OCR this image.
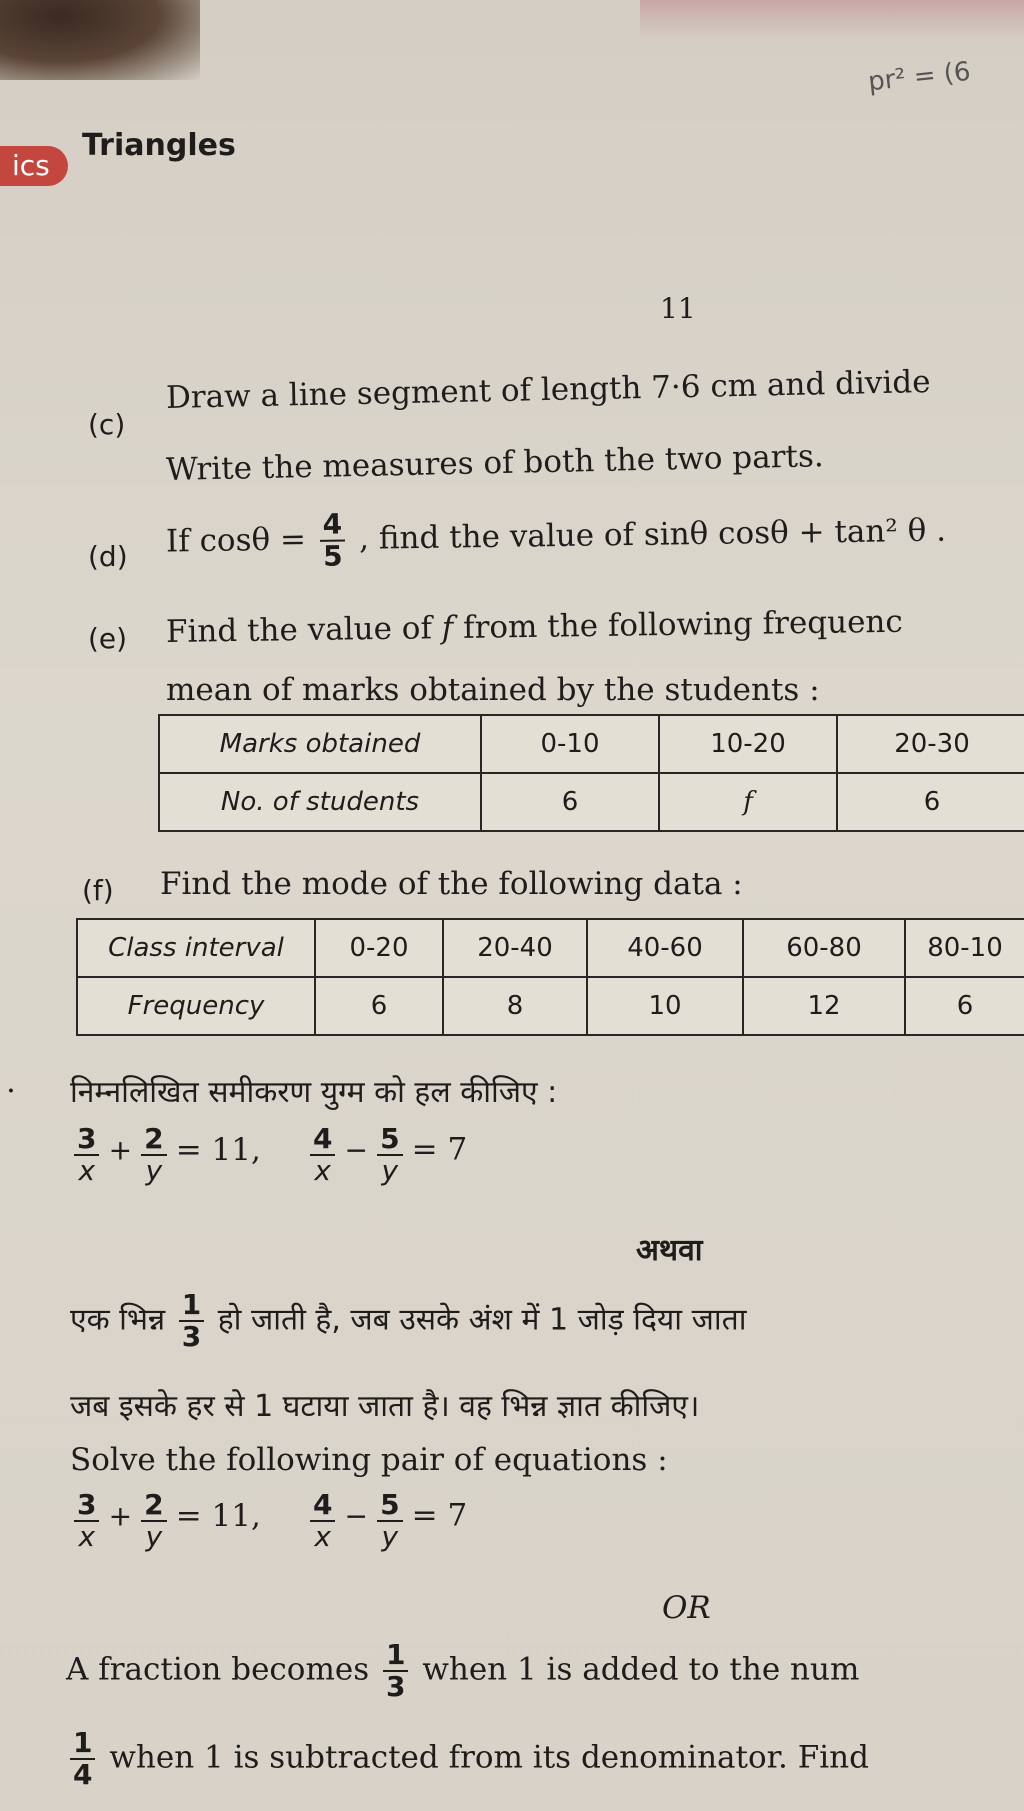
ics
Triangles
pr² = (6
11
(c)
Draw a line segment of length 7·6 cm and divide
Write the measures of both the two parts.
(d) If $\cos\theta = \frac{4}{5}$ , find the value of sinθ cosθ + tan² θ .
(e) Find the value of f from the following frequenc
mean of marks obtained by the students :
Marks obtained	0-10	10-20	20-30
No. of students	6	f	6
(f) Find the mode of the following data :
Class interval	0-20	20-40	40-60	60-80	80-10
Frequency	6	8	10	12	6
. निम्नलिखित समीकरण युग्म को हल कीजिए :
$\frac{3}{x} + \frac{2}{y} = 11$, $\frac{4}{x} - \frac{5}{y} = 7$
अथवा
एक भिन्न $\frac{1}{3}$ हो जाती है, जब उसके अंश में 1 जोड़ दिया जाता
जब इसके हर से 1 घटाया जाता है। वह भिन्न ज्ञात कीजिए।
Solve the following pair of equations :
$\frac{3}{x} + \frac{2}{y} = 11$, $\frac{4}{x} - \frac{5}{y} = 7$
OR
A fraction becomes $\frac{1}{3}$ when 1 is added to the num
$\frac{1}{4}$ when 1 is subtracted from its denominator. Find
